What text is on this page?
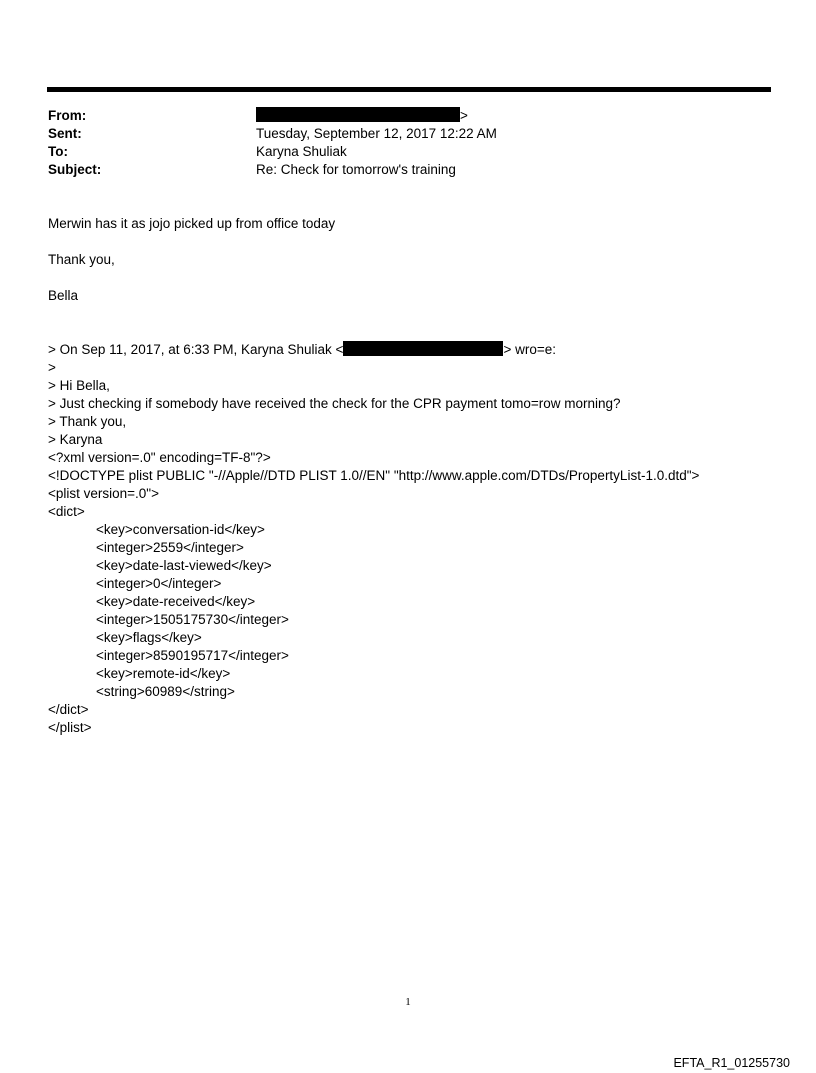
From:	>
Sent:	Tuesday, September 12, 2017 12:22 AM
To:	Karyna Shuliak
Subject:	Re: Check for tomorrow's training
Merwin has it as jojo picked up from office today
Thank you,
Bella
> On Sep 11, 2017, at 6:33 PM, Karyna Shuliak <	> wro=e:
>
> Hi Bella,
> Just checking if somebody have received the check for the CPR payment tomo=row morning?
> Thank you,
> Karyna
<?xml version=.0" encoding=TF-8"?>
<!DOCTYPE plist PUBLIC "-//Apple//DTD PLIST 1.0//EN" "http://www.apple.com/DTDs/PropertyList-1.0.dtd">
<plist version=.0">
<dict>
<key>conversation-id</key>
<integer>2559</integer>
<key>date-last-viewed</key>
<integer>0</integer>
<key>date-received</key>
<integer>1505175730</integer>
<key>flags</key>
<integer>8590195717</integer>
<key>remote-id</key>
<string>60989</string>
</dict>
</plist>
1
EFTA_R1_01255730
